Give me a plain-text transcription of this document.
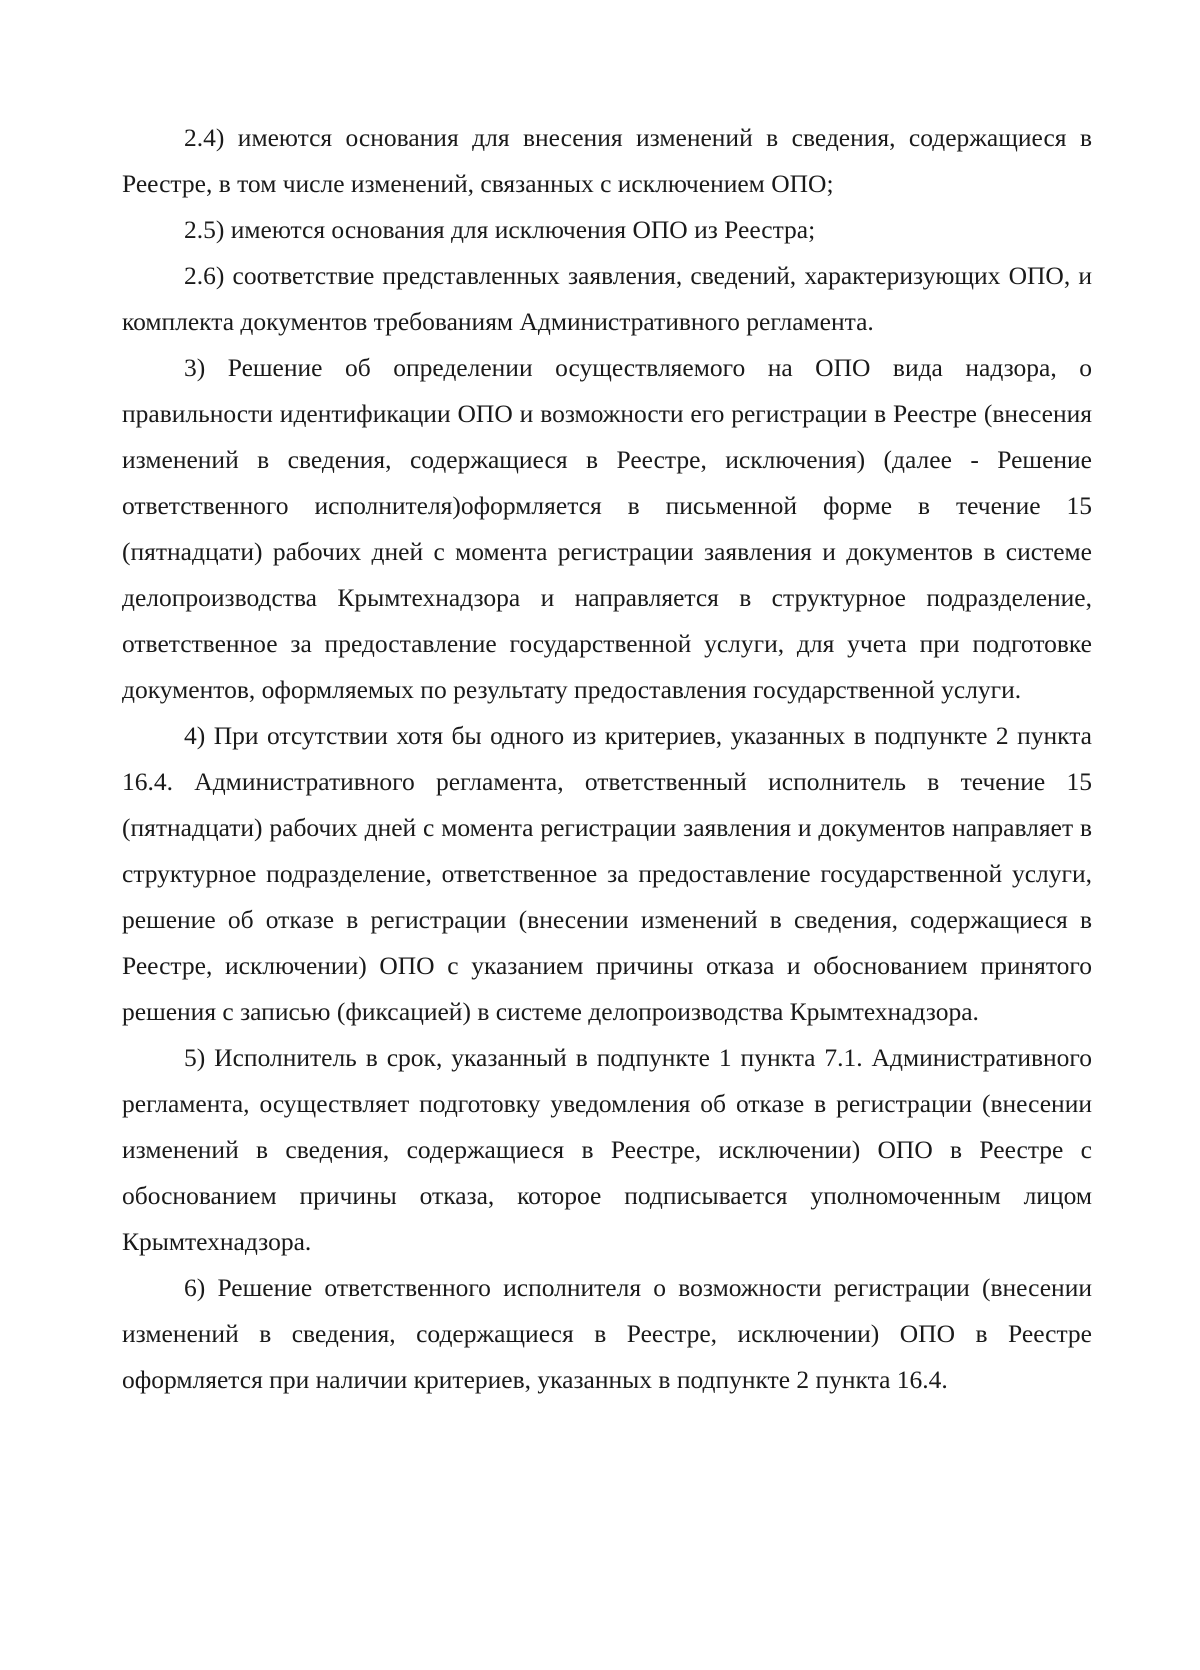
2.4) имеются основания для внесения изменений в сведения, содержащиеся в Реестре, в том числе изменений, связанных с исключением ОПО;

2.5) имеются основания для исключения ОПО из Реестра;

2.6) соответствие представленных заявления, сведений, характеризующих ОПО, и комплекта документов требованиям Административного регламента.

3) Решение об определении осуществляемого на ОПО вида надзора, о правильности идентификации ОПО и возможности его регистрации в Реестре (внесения изменений в сведения, содержащиеся в Реестре, исключения) (далее - Решение ответственного исполнителя)оформляется в письменной форме в течение 15 (пятнадцати) рабочих дней с момента регистрации заявления и документов в системе делопроизводства Крымтехнадзора и направляется в структурное подразделение, ответственное за предоставление государственной услуги, для учета при подготовке документов, оформляемых по результату предоставления государственной услуги.

4) При отсутствии хотя бы одного из критериев, указанных в подпункте 2 пункта 16.4. Административного регламента, ответственный исполнитель в течение 15 (пятнадцати) рабочих дней с момента регистрации заявления и документов направляет в структурное подразделение, ответственное за предоставление государственной услуги, решение об отказе в регистрации (внесении изменений в сведения, содержащиеся в Реестре, исключении) ОПО с указанием причины отказа и обоснованием принятого решения с записью (фиксацией) в системе делопроизводства Крымтехнадзора.

5) Исполнитель в срок, указанный в подпункте 1 пункта 7.1. Административного регламента, осуществляет подготовку уведомления об отказе в регистрации (внесении изменений в сведения, содержащиеся в Реестре, исключении) ОПО в Реестре с обоснованием причины отказа, которое подписывается уполномоченным лицом Крымтехнадзора.

6) Решение ответственного исполнителя о возможности регистрации (внесении изменений в сведения, содержащиеся в Реестре, исключении) ОПО в Реестре оформляется при наличии критериев, указанных в подпункте 2 пункта 16.4.
